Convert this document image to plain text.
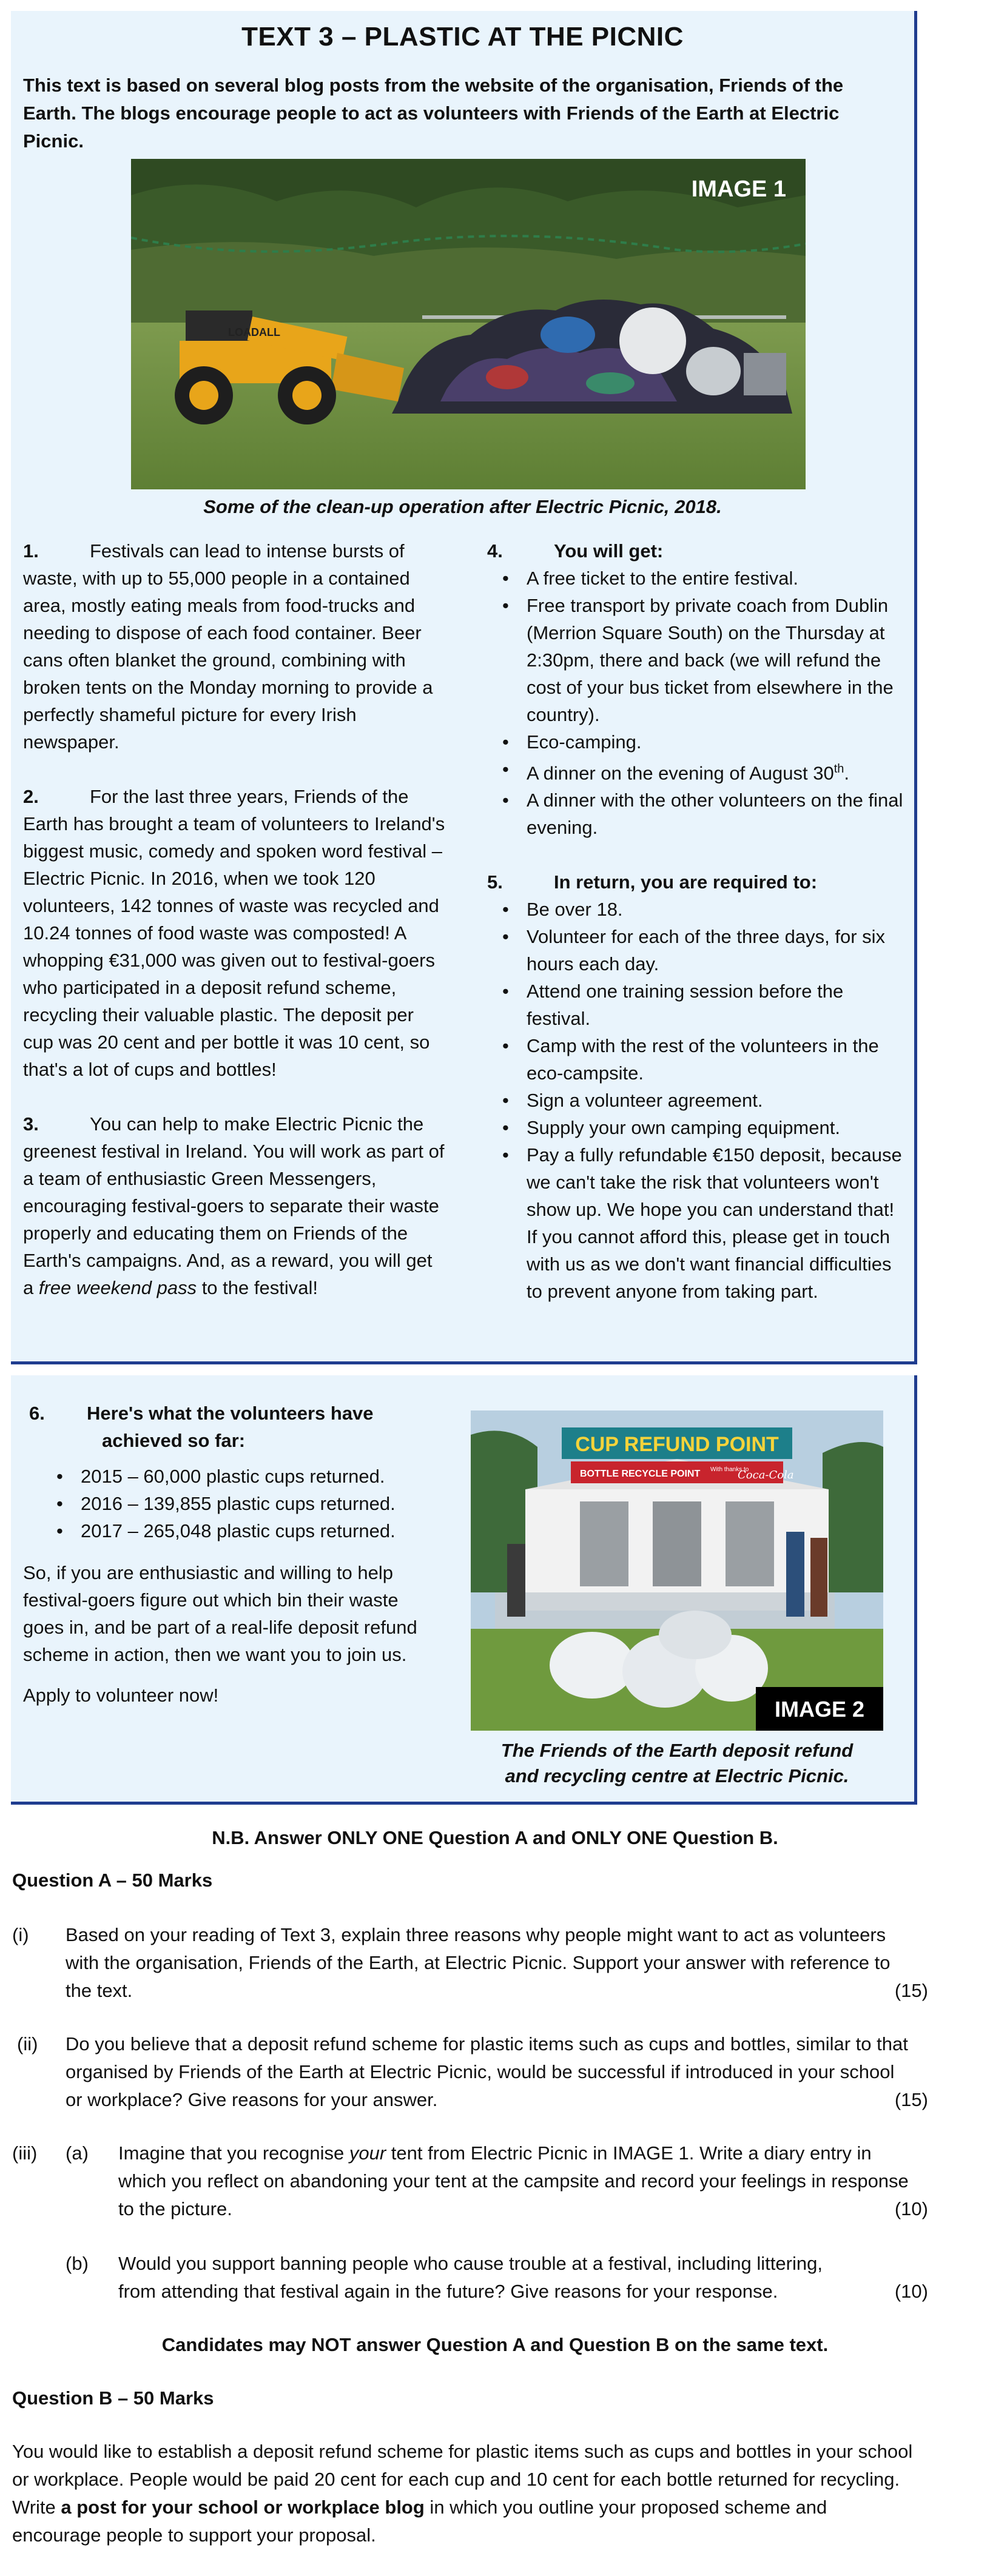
TEXT 3 – PLASTIC AT THE PICNIC
This text is based on several blog posts from the website of the organisation, Friends of the Earth. The blogs encourage people to act as volunteers with Friends of the Earth at Electric Picnic.
LOADALL
IMAGE 1
Some of the clean-up operation after Electric Picnic, 2018.
1.	Festivals can lead to intense bursts of waste, with up to 55,000 people in a contained area, mostly eating meals from food-trucks and needing to dispose of each food container. Beer cans often blanket the ground, combining with broken tents on the Monday morning to provide a perfectly shameful picture for every Irish newspaper.
2.	For the last three years, Friends of the Earth has brought a team of volunteers to Ireland's biggest music, comedy and spoken word festival – Electric Picnic. In 2016, when we took 120 volunteers, 142 tonnes of waste was recycled and 10.24 tonnes of food waste was composted! A whopping €31,000 was given out to festival-goers who participated in a deposit refund scheme, recycling their valuable plastic. The deposit per cup was 20 cent and per bottle it was 10 cent, so that's a lot of cups and bottles!
3.	You can help to make Electric Picnic the greenest festival in Ireland. You will work as part of a team of enthusiastic Green Messengers, encouraging festival-goers to separate their waste properly and educating them on Friends of the Earth's campaigns. And, as a reward, you will get a free weekend pass to the festival!
4.	You will get:
• A free ticket to the entire festival.
• Free transport by private coach from Dublin (Merrion Square South) on the Thursday at 2:30pm, there and back (we will refund the cost of your bus ticket from elsewhere in the country).
• Eco-camping.
• A dinner on the evening of August 30th.
• A dinner with the other volunteers on the final evening.
5.	In return, you are required to:
• Be over 18.
• Volunteer for each of the three days, for six hours each day.
• Attend one training session before the festival.
• Camp with the rest of the volunteers in the eco-campsite.
• Sign a volunteer agreement.
• Supply your own camping equipment.
• Pay a fully refundable €150 deposit, because we can't take the risk that volunteers won't show up. We hope you can understand that! If you cannot afford this, please get in touch with us as we don't want financial difficulties to prevent anyone from taking part.
6. Here's what the volunteers have
achieved so far:
• 2015 – 60,000 plastic cups returned.
• 2016 – 139,855 plastic cups returned.
• 2017 – 265,048 plastic cups returned.
So, if you are enthusiastic and willing to help festival-goers figure out which bin their waste goes in, and be part of a real-life deposit refund scheme in action, then we want you to join us.
Apply to volunteer now!
CUP REFUND POINT
BOTTLE RECYCLE POINT With thanks to
Coca-Cola
IMAGE 2
The Friends of the Earth deposit refund
and recycling centre at Electric Picnic.
N.B. Answer ONLY ONE Question A and ONLY ONE Question B.
Question A – 50 Marks
(i) Based on your reading of Text 3, explain three reasons why people might want to act as volunteers with the organisation, Friends of the Earth, at Electric Picnic. Support your answer with reference to the text.	(15)
(ii) Do you believe that a deposit refund scheme for plastic items such as cups and bottles, similar to that organised by Friends of the Earth at Electric Picnic, would be successful if introduced in your school or workplace? Give reasons for your answer.	(15)
(iii) (a) Imagine that you recognise your tent from Electric Picnic in IMAGE 1. Write a diary entry in which you reflect on abandoning your tent at the campsite and record your feelings in response to the picture.	(10)
(b) Would you support banning people who cause trouble at a festival, including littering, from attending that festival again in the future? Give reasons for your response.	(10)
Candidates may NOT answer Question A and Question B on the same text.
Question B – 50 Marks
You would like to establish a deposit refund scheme for plastic items such as cups and bottles in your school or workplace. People would be paid 20 cent for each cup and 10 cent for each bottle returned for recycling. Write a post for your school or workplace blog in which you outline your proposed scheme and encourage people to support your proposal.
